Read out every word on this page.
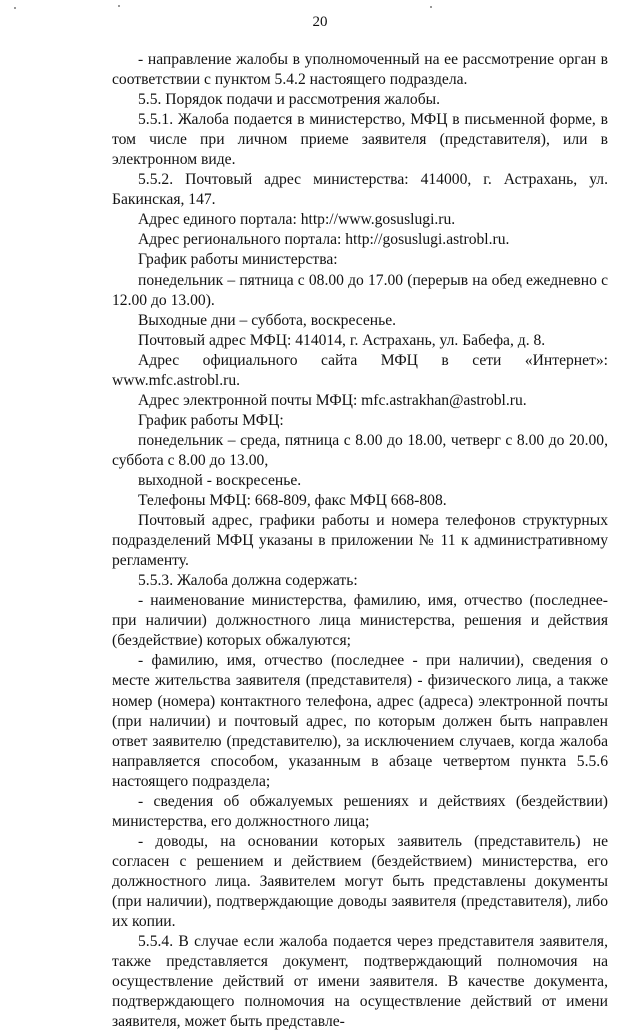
20

- направление жалобы в уполномоченный на ее рассмотрение орган в соответствии с пунктом 5.4.2 настоящего подраздела.

5.5. Порядок подачи и рассмотрения жалобы.

5.5.1. Жалоба подается в министерство, МФЦ в письменной форме, в том числе при личном приеме заявителя (представителя), или в электронном виде.

5.5.2. Почтовый адрес министерства: 414000, г. Астрахань, ул. Бакинская, 147.

Адрес единого портала: http://www.gosuslugi.ru.

Адрес регионального портала: http://gosuslugi.astrobl.ru.

График работы министерства:

понедельник – пятница с 08.00 до 17.00 (перерыв на обед ежедневно с 12.00 до 13.00).

Выходные дни – суббота, воскресенье.

Почтовый адрес МФЦ: 414014, г. Астрахань, ул. Бабефа, д. 8.

Адрес официального сайта МФЦ в сети «Интернет»: www.mfc.astrobl.ru.

Адрес электронной почты МФЦ: mfc.astrakhan@astrobl.ru.

График работы МФЦ:

понедельник – среда, пятница с 8.00 до 18.00, четверг с 8.00 до 20.00, суббота с 8.00 до 13.00,

выходной - воскресенье.

Телефоны МФЦ: 668-809, факс МФЦ 668-808.

Почтовый адрес, графики работы и номера телефонов структурных подразделений МФЦ указаны в приложении № 11 к административному регламенту.

5.5.3. Жалоба должна содержать:

- наименование министерства, фамилию, имя, отчество (последнее-при наличии) должностного лица министерства, решения и действия (бездействие) которых обжалуются;

- фамилию, имя, отчество (последнее - при наличии), сведения о месте жительства заявителя (представителя) - физического лица, а также номер (номера) контактного телефона, адрес (адреса) электронной почты (при наличии) и почтовый адрес, по которым должен быть направлен ответ заявителю (представителю), за исключением случаев, когда жалоба направляется способом, указанным в абзаце четвертом пункта 5.5.6 настоящего подраздела;

- сведения об обжалуемых решениях и действиях (бездействии) министерства, его должностного лица;

- доводы, на основании которых заявитель (представитель) не согласен с решением и действием (бездействием) министерства, его должностного лица. Заявителем могут быть представлены документы (при наличии), подтверждающие доводы заявителя (представителя), либо их копии.

5.5.4. В случае если жалоба подается через представителя заявителя, также представляется документ, подтверждающий полномочия на осуществление действий от имени заявителя. В качестве документа, подтверждающего полномочия на осуществление действий от имени заявителя, может быть представле-
